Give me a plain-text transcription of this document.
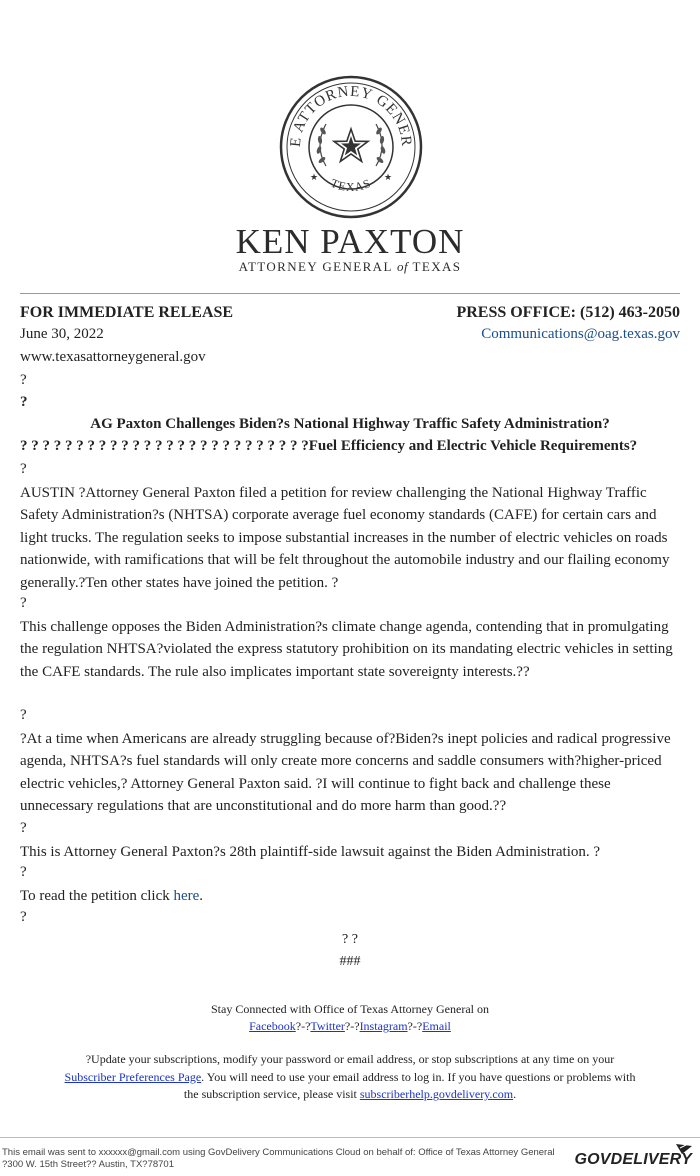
E ATTORNEY GENER
TEXAS
★	★
KEN PAXTON
ATTORNEY GENERAL of TEXAS
FOR IMMEDIATE RELEASE	PRESS OFFICE: (512) 463-2050
June 30, 2022	Communications@oag.texas.gov
www.texasattorneygeneral.gov
?
?
AG Paxton Challenges Biden?s National Highway Traffic Safety Administration?
? ? ? ? ? ? ? ? ? ? ? ? ? ? ? ? ? ? ? ? ? ? ? ? ? ?Fuel Efficiency and Electric Vehicle Requirements?
?
AUSTIN ?Attorney General Paxton filed a petition for review challenging the National Highway Traffic Safety Administration?s (NHTSA) corporate average fuel economy standards (CAFE) for certain cars and light trucks. The regulation seeks to impose substantial increases in the number of electric vehicles on roads nationwide, with ramifications that will be felt throughout the automobile industry and our flailing economy generally.?Ten other states have joined the petition. ?
?
This challenge opposes the Biden Administration?s climate change agenda, contending that in promulgating the regulation NHTSA?violated the express statutory prohibition on its mandating electric vehicles in setting the CAFE standards. The rule also implicates important state sovereignty interests.??
?
?At a time when Americans are already struggling because of?Biden?s inept policies and radical progressive agenda, NHTSA?s fuel standards will only create more concerns and saddle consumers with?higher-priced electric vehicles,? Attorney General Paxton said. ?I will continue to fight back and challenge these unnecessary regulations that are unconstitutional and do more harm than good.??
?
This is Attorney General Paxton?s 28th plaintiff-side lawsuit against the Biden Administration. ?
?
To read the petition click here.
?
? ?
###
Stay Connected with Office of Texas Attorney General on
Facebook?-?Twitter?-?Instagram?-?Email
?Update your subscriptions, modify your password or email address, or stop subscriptions at any time on your Subscriber Preferences Page. You will need to use your email address to log in. If you have questions or problems with the subscription service, please visit subscriberhelp.govdelivery.com.
This email was sent to xxxxxx@gmail.com using GovDelivery Communications Cloud on behalf of: Office of Texas Attorney General
?300 W. 15th Street?? Austin, TX?78701	GOVDELIVERY
